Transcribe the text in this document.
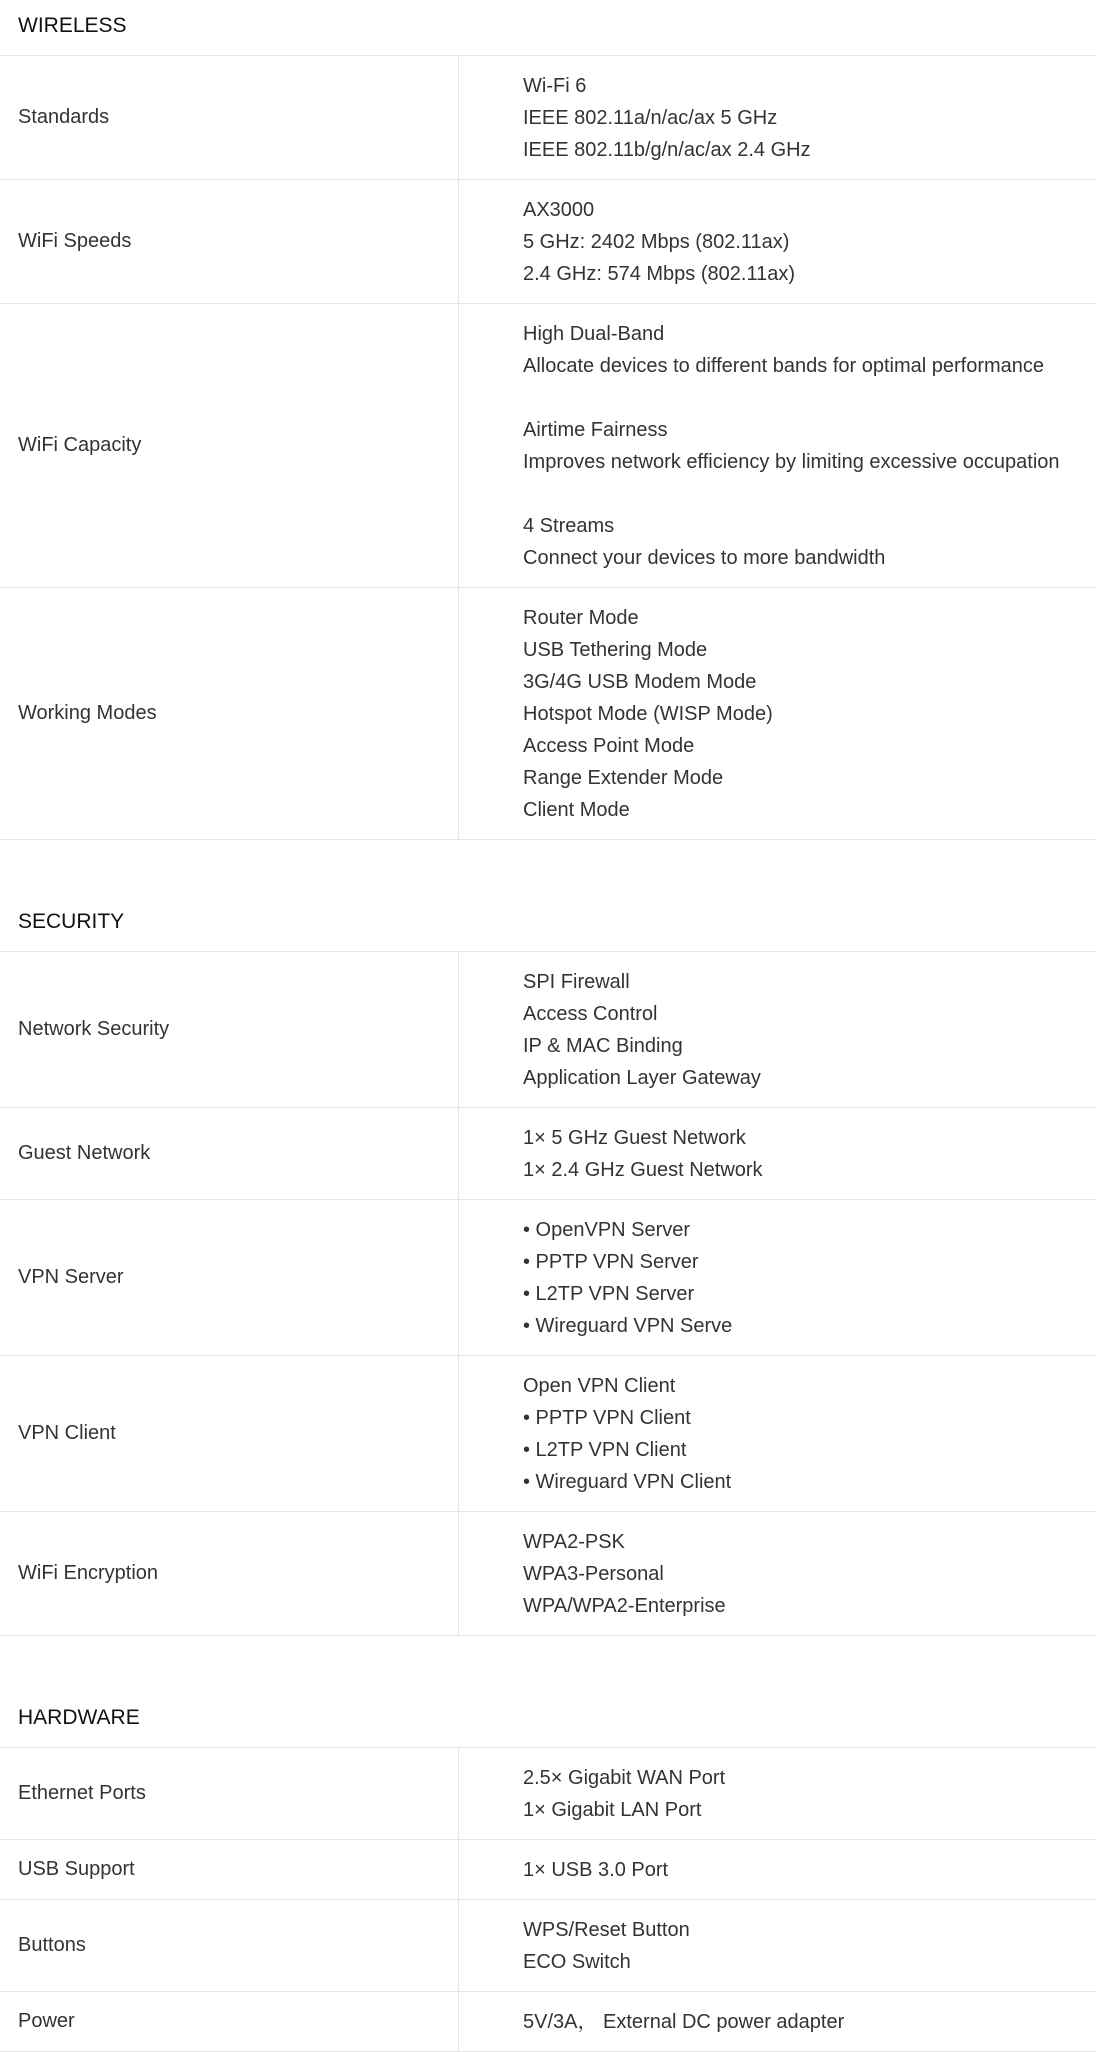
WIRELESS
Standards
Wi-Fi 6
IEEE 802.11a/n/ac/ax 5 GHz
IEEE 802.11b/g/n/ac/ax 2.4 GHz
WiFi Speeds
AX3000
5 GHz: 2402 Mbps (802.11ax)
2.4 GHz: 574 Mbps (802.11ax)
WiFi Capacity
High Dual-Band
Allocate devices to different bands for optimal performance
Airtime Fairness
Improves network efficiency by limiting excessive occupation
4 Streams
Connect your devices to more bandwidth
Working Modes
Router Mode
USB Tethering Mode
3G/4G USB Modem Mode
Hotspot Mode (WISP Mode)
Access Point Mode
Range Extender Mode
Client Mode
SECURITY
Network Security
SPI Firewall
Access Control
IP & MAC Binding
Application Layer Gateway
Guest Network
1× 5 GHz Guest Network
1× 2.4 GHz Guest Network
VPN Server
• OpenVPN Server
• PPTP VPN Server
• L2TP VPN Server
• Wireguard VPN Serve
VPN Client
Open VPN Client
• PPTP VPN Client
• L2TP VPN Client
• Wireguard VPN Client
WiFi Encryption
WPA2-PSK
WPA3-Personal
WPA/WPA2-Enterprise
HARDWARE
Ethernet Ports
2.5× Gigabit WAN Port
1× Gigabit LAN Port
USB Support	1× USB 3.0 Port
Buttons
WPS/Reset Button
ECO Switch
Power	5V/3A， External DC power adapter
